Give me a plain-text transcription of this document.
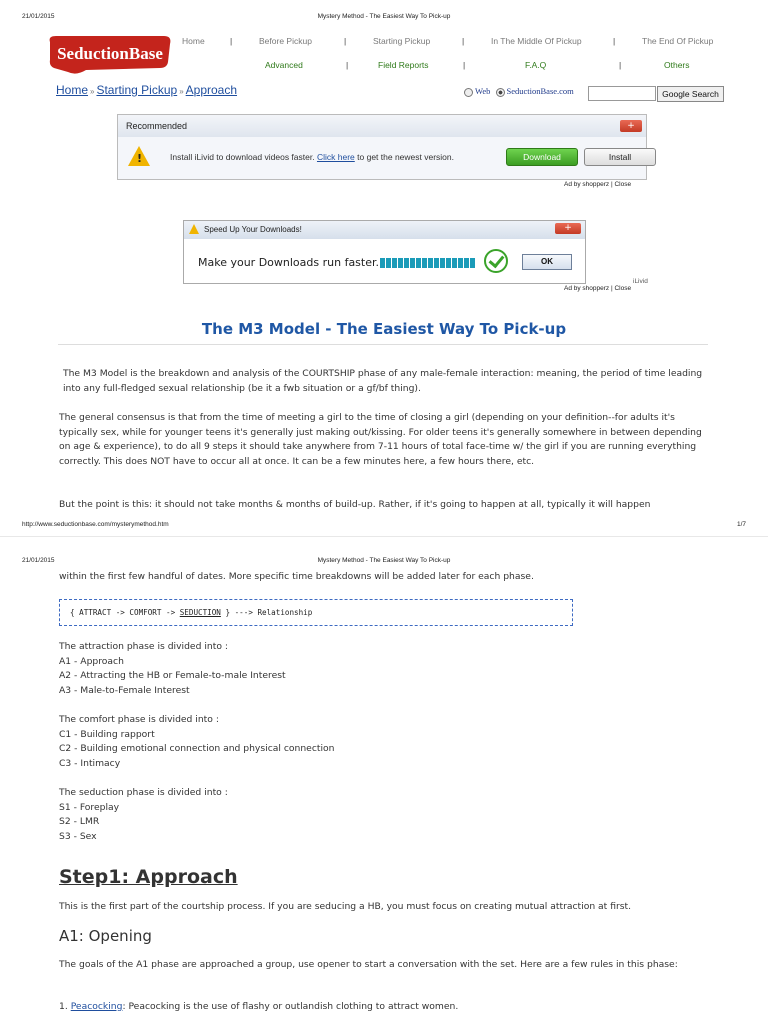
21/01/2015	Mystery Method - The Easiest Way To Pick-up
SeductionBase
Home	|	Before Pickup	|	Starting Pickup	|	In The Middle Of Pickup	|	The End Of Pickup
Advanced	|	Field Reports	|	F.A.Q	|	Others
Home » Starting Pickup » Approach	Web SeductionBase.com	Google Search
Recommended	+
!	Install iLivid to download videos faster. Click here to get the newest version.	Download	Install
Ad by shopperz | Close
Speed Up Your Downloads!	+
Make your Downloads run faster.	OK
iLivid
Ad by shopperz | Close
The M3 Model - The Easiest Way To Pick-up
The M3 Model is the breakdown and analysis of the COURTSHIP phase of any male-female interaction: meaning, the period of time leading into any full-fledged sexual relationship (be it a fwb situation or a gf/bf thing).
The general consensus is that from the time of meeting a girl to the time of closing a girl (depending on your definition--for adults it's typically sex, while for younger teens it's generally just making out/kissing. For older teens it's generally somewhere in between depending on age & experience), to do all 9 steps it should take anywhere from 7-11 hours of total face-time w/ the girl if you are running everything correctly. This does NOT have to occur all at once. It can be a few minutes here, a few hours there, etc.
But the point is this: it should not take months & months of build-up. Rather, if it's going to happen at all, typically it will happen
http://www.seductionbase.com/mysterymethod.htm	1/7
21/01/2015	Mystery Method - The Easiest Way To Pick-up
within the first few handful of dates. More specific time breakdowns will be added later for each phase.
{ ATTRACT -> COMFORT -> SEDUCTION } ---> Relationship
The attraction phase is divided into :
A1 - Approach
A2 - Attracting the HB or Female-to-male Interest
A3 - Male-to-Female Interest
The comfort phase is divided into :
C1 - Building rapport
C2 - Building emotional connection and physical connection
C3 - Intimacy
The seduction phase is divided into :
S1 - Foreplay
S2 - LMR
S3 - Sex
Step1: Approach
This is the first part of the courtship process. If you are seducing a HB, you must focus on creating mutual attraction at first.
A1: Opening
The goals of the A1 phase are approached a group, use opener to start a conversation with the set. Here are a few rules in this phase:
1. Peacocking: Peacocking is the use of flashy or outlandish clothing to attract women.
